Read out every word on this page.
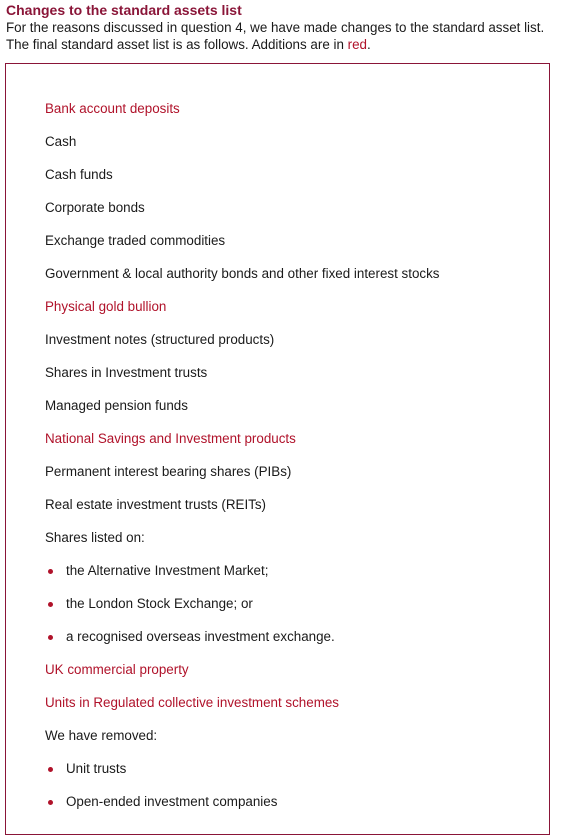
Changes to the standard assets list

For the reasons discussed in question 4, we have made changes to the standard asset list. The final standard asset list is as follows. Additions are in red.

Bank account deposits
Cash
Cash funds
Corporate bonds
Exchange traded commodities
Government & local authority bonds and other fixed interest stocks
Physical gold bullion
Investment notes (structured products)
Shares in Investment trusts
Managed pension funds
National Savings and Investment products
Permanent interest bearing shares (PIBs)
Real estate investment trusts (REITs)
Shares listed on:
the Alternative Investment Market;
the London Stock Exchange; or
a recognised overseas investment exchange.
UK commercial property
Units in Regulated collective investment schemes
We have removed:
Unit trusts
Open-ended investment companies
